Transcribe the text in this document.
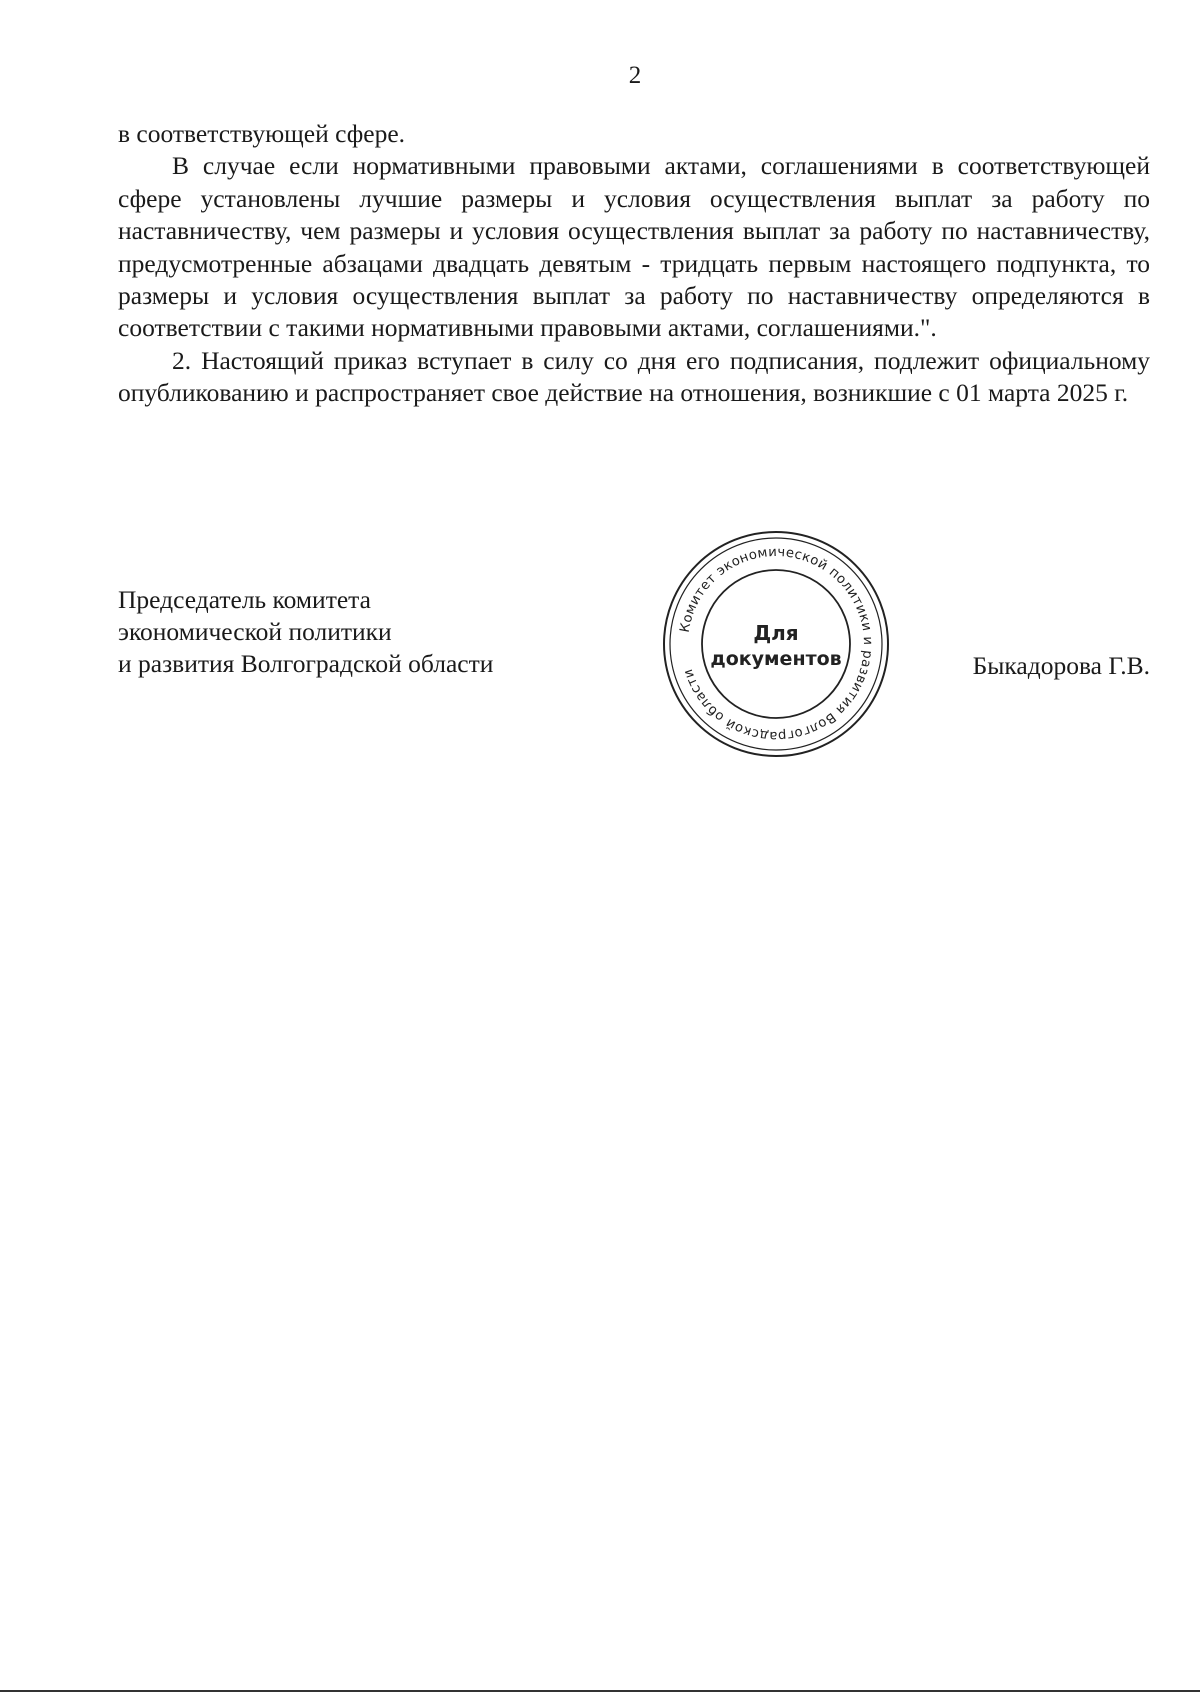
2

в соответствующей сфере.

В случае если нормативными правовыми актами, соглашениями в соответствующей сфере установлены лучшие размеры и условия осуществления выплат за работу по наставничеству, чем размеры и условия осуществления выплат за работу по наставничеству, предусмотренные абзацами двадцать девятым - тридцать первым настоящего подпункта, то размеры и условия осуществления выплат за работу по наставничеству определяются в соответствии с такими нормативными правовыми актами, соглашениями.".

2. Настоящий приказ вступает в силу со дня его подписания, подлежит официальному опубликованию и распространяет свое действие на отношения, возникшие с 01 марта 2025 г.

Председатель комитета
экономической политики
и развития Волгоградской области
Комитет экономической политики и развития Волгоградской области
Для
документов	Быкадорова Г.В.
